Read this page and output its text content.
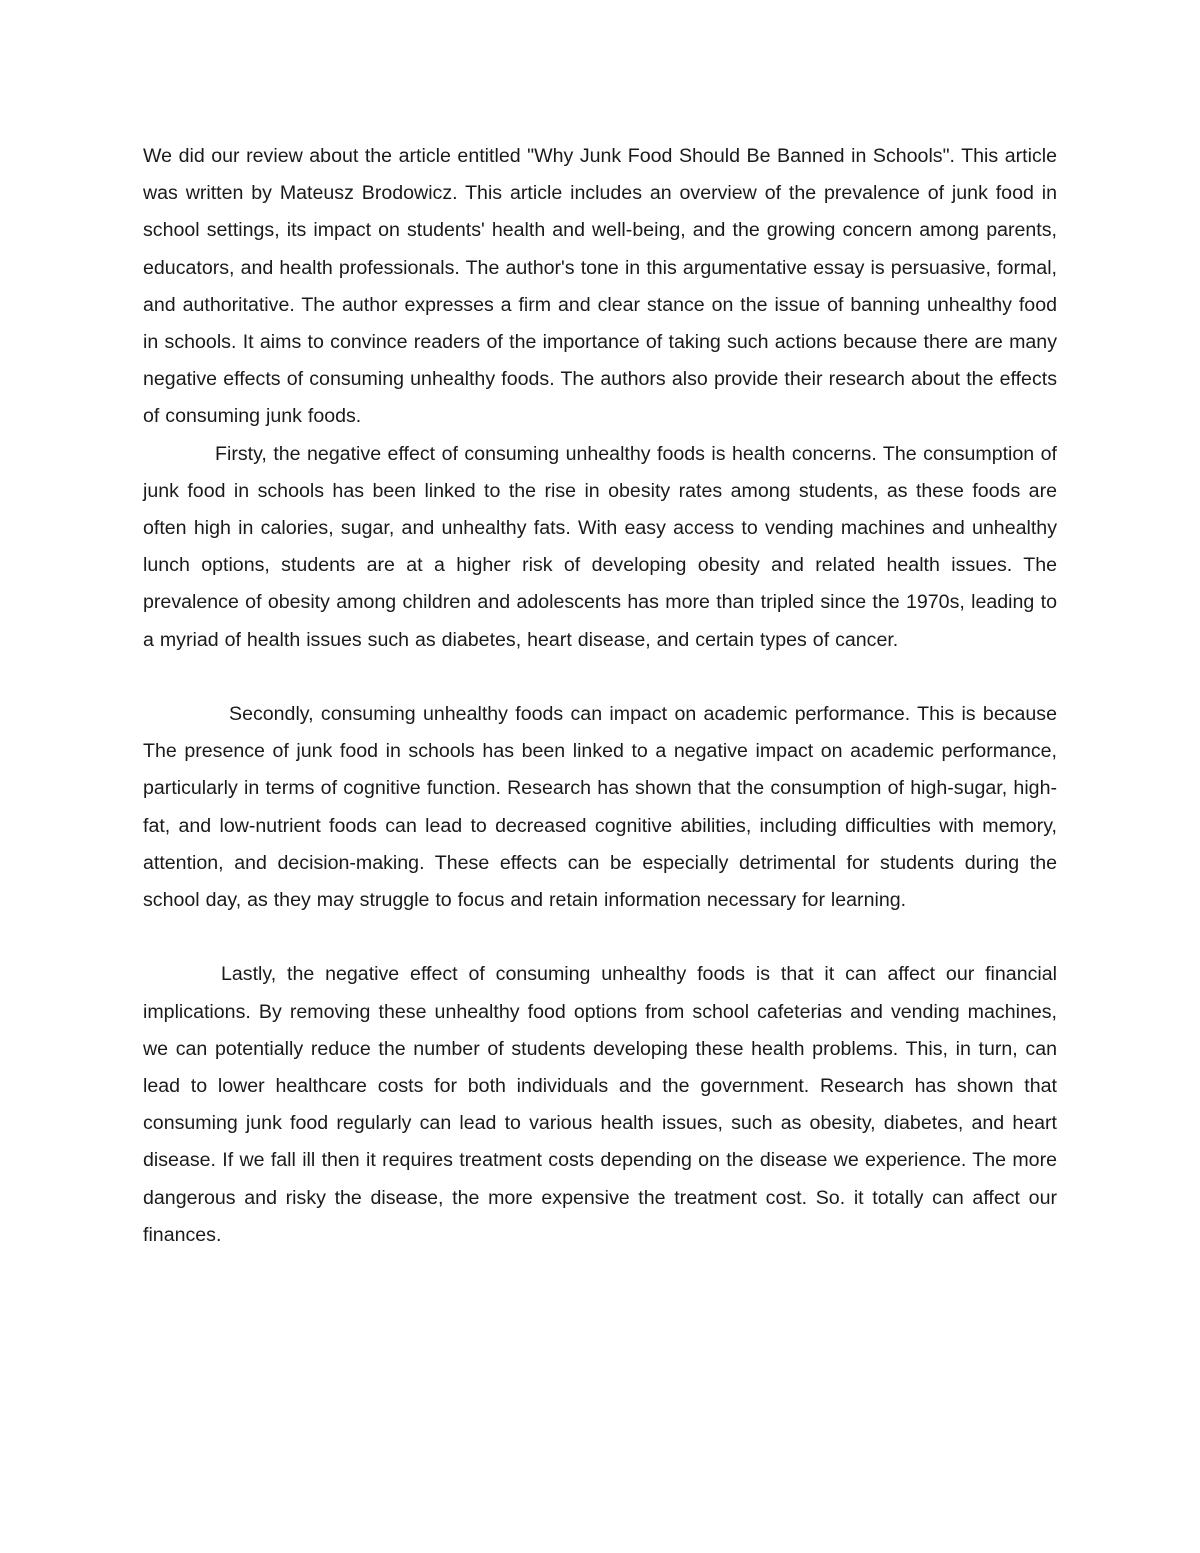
We did our review about the article entitled "Why Junk Food Should Be Banned in Schools". This article was written by Mateusz Brodowicz. This article includes an overview of the prevalence of junk food in school settings, its impact on students' health and well-being, and the growing concern among parents, educators, and health professionals. The author's tone in this argumentative essay is persuasive, formal, and authoritative. The author expresses a firm and clear stance on the issue of banning unhealthy food in schools. It aims to convince readers of the importance of taking such actions because there are many negative effects of consuming unhealthy foods. The authors also provide their research about the effects of consuming junk foods.

Firsty, the negative effect of consuming unhealthy foods is health concerns. The consumption of junk food in schools has been linked to the rise in obesity rates among students, as these foods are often high in calories, sugar, and unhealthy fats. With easy access to vending machines and unhealthy lunch options, students are at a higher risk of developing obesity and related health issues. The prevalence of obesity among children and adolescents has more than tripled since the 1970s, leading to a myriad of health issues such as diabetes, heart disease, and certain types of cancer.

Secondly, consuming unhealthy foods can impact on academic performance. This is because The presence of junk food in schools has been linked to a negative impact on academic performance, particularly in terms of cognitive function. Research has shown that the consumption of high-sugar, high-fat, and low-nutrient foods can lead to decreased cognitive abilities, including difficulties with memory, attention, and decision-making. These effects can be especially detrimental for students during the school day, as they may struggle to focus and retain information necessary for learning.

Lastly, the negative effect of consuming unhealthy foods is that it can affect our financial implications. By removing these unhealthy food options from school cafeterias and vending machines, we can potentially reduce the number of students developing these health problems. This, in turn, can lead to lower healthcare costs for both individuals and the government. Research has shown that consuming junk food regularly can lead to various health issues, such as obesity, diabetes, and heart disease. If we fall ill then it requires treatment costs depending on the disease we experience. The more dangerous and risky the disease, the more expensive the treatment cost. So. it totally can affect our finances.
